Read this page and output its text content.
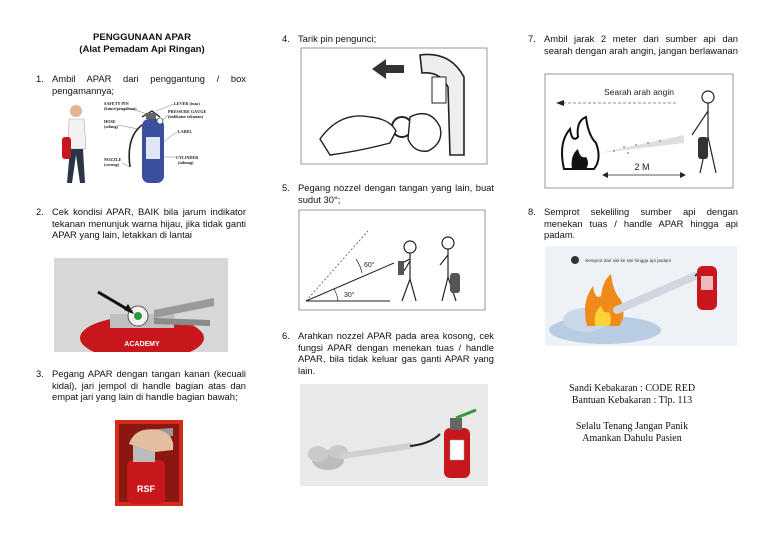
PENGGUNAAN APAR
(Alat Pemadam Api Ringan)
1. Ambil APAR dari penggantung / box pengamannya;
SAFETY PIN
(kunci/pengaman)
HOSE
(selang)
NOZZLE
(corong)
LEVER (tuas)
PRESSURE GAUGE
(indikator tekanan)
LABEL
CYLINDER
(tabung)
2. Cek kondisi APAR, BAIK bila jarum indikator tekanan menunjuk warna hijau, jika tidak ganti APAR yang lain, letakkan di lantai
ACADEMY
3. Pegang APAR dengan tangan kanan (kecuali kidal), jari jempol di handle bagian atas dan empat jari yang lain di handle bagian bawah;
RSF
4. Tarik pin pengunci;
5. Pegang nozzel dengan tangan yang lain, buat sudut 30°;
30°
60°
6. Arahkan nozzel APAR pada area kosong, cek fungsi APAR dengan menekan tuas / handle APAR, bila tidak keluar gas ganti APAR yang lain.
7. Ambil jarak 2 meter dari sumber api dan searah dengan arah angin, jangan berlawanan
Searah arah angin
2 M
8. Semprot sekeliling sumber api dengan menekan tuas / handle APAR hingga api padam.
Semprot dari sisi ke sisi hingga api padam
Sandi Kebakaran : CODE RED
Bantuan Kebakaran : Tlp. 113
Selalu Tenang Jangan Panik
Amankan Dahulu Pasien
